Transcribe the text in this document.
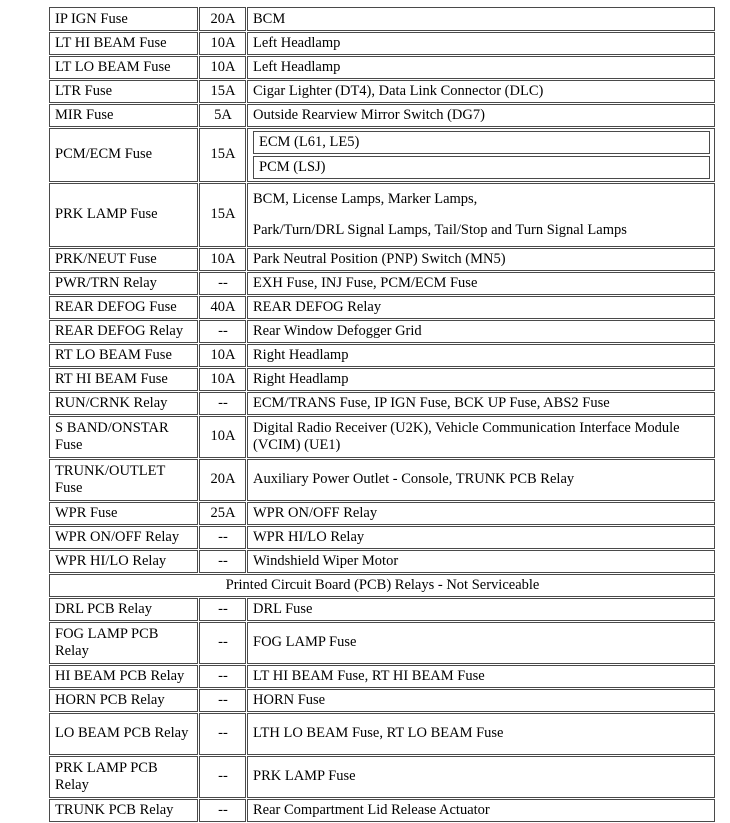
IP IGN Fuse	20A	BCM
LT HI BEAM Fuse	10A	Left Headlamp
LT LO BEAM Fuse	10A	Left Headlamp
LTR Fuse	15A	Cigar Lighter (DT4), Data Link Connector (DLC)
MIR Fuse	5A	Outside Rearview Mirror Switch (DG7)
PCM/ECM Fuse	15A	ECM (L61, LE5)
PCM (LSJ)

PRK LAMP Fuse	15A	BCM, License Lamps, Marker Lamps,
Park/Turn/DRL Signal Lamps, Tail/Stop and Turn Signal Lamps

PRK/NEUT Fuse	10A	Park Neutral Position (PNP) Switch (MN5)
PWR/TRN Relay	--	EXH Fuse, INJ Fuse, PCM/ECM Fuse
REAR DEFOG Fuse	40A	REAR DEFOG Relay
REAR DEFOG Relay	--	Rear Window Defogger Grid
RT LO BEAM Fuse	10A	Right Headlamp
RT HI BEAM Fuse	10A	Right Headlamp
RUN/CRNK Relay	--	ECM/TRANS Fuse, IP IGN Fuse, BCK UP Fuse, ABS2 Fuse
S BAND/ONSTAR Fuse	10A	Digital Radio Receiver (U2K), Vehicle Communication Interface Module (VCIM) (UE1)
TRUNK/OUTLET Fuse	20A	Auxiliary Power Outlet - Console, TRUNK PCB Relay
WPR Fuse	25A	WPR ON/OFF Relay
WPR ON/OFF Relay	--	WPR HI/LO Relay
WPR HI/LO Relay	--	Windshield Wiper Motor
Printed Circuit Board (PCB) Relays - Not Serviceable		
DRL PCB Relay	--	DRL Fuse
FOG LAMP PCB Relay	--	FOG LAMP Fuse
HI BEAM PCB Relay	--	LT HI BEAM Fuse, RT HI BEAM Fuse
HORN PCB Relay	--	HORN Fuse
LO BEAM PCB Relay	--	LTH LO BEAM Fuse, RT LO BEAM Fuse
PRK LAMP PCB Relay	--	PRK LAMP Fuse
TRUNK PCB Relay	--	Rear Compartment Lid Release Actuator
